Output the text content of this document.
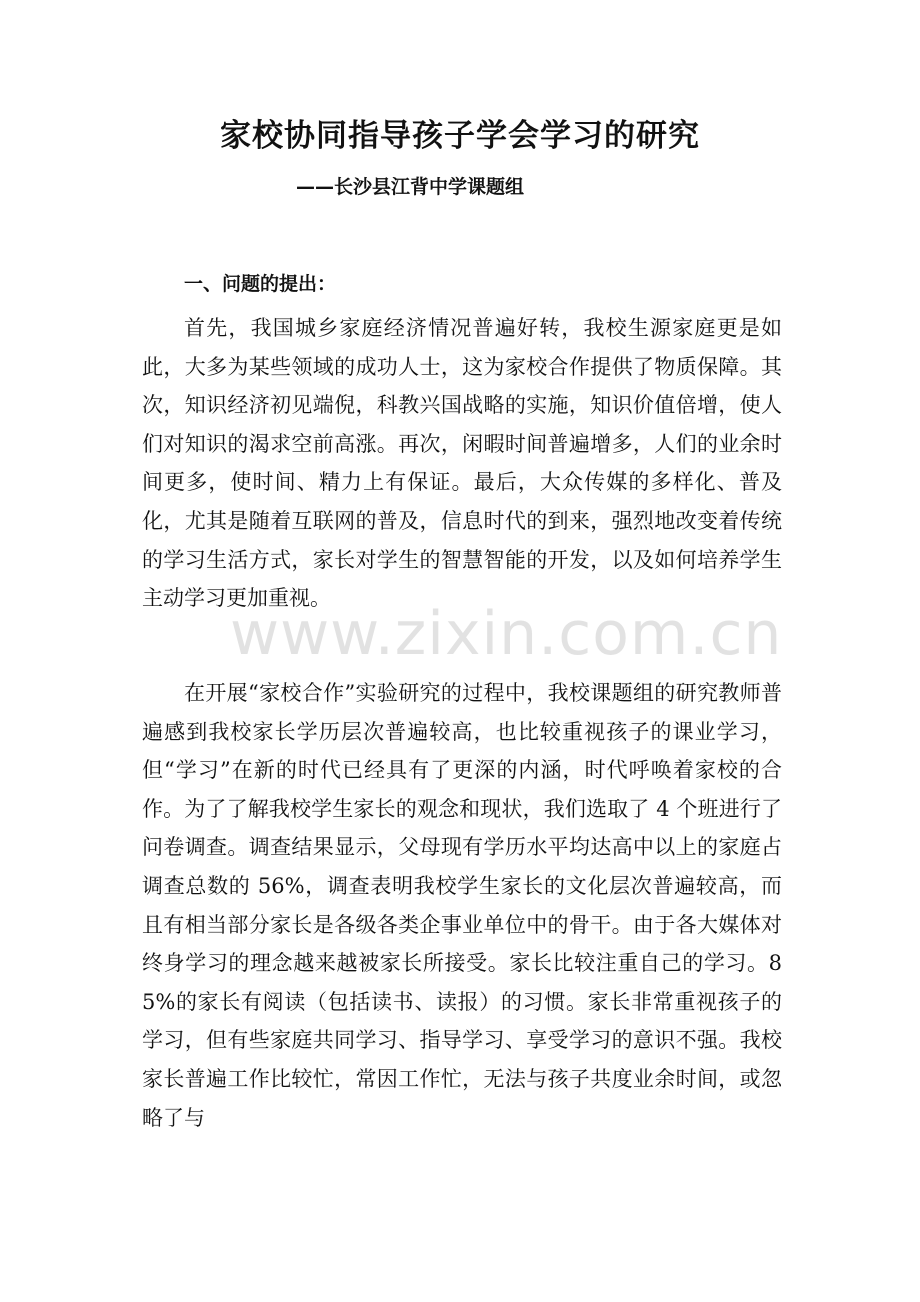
家校协同指导孩子学会学习的研究
——长沙县江背中学课题组
一、问题的提出：

首先，我国城乡家庭经济情况普遍好转，我校生源家庭更是如此，大多为某些领域的成功人士，这为家校合作提供了物质保障。其次，知识经济初见端倪，科教兴国战略的实施，知识价值倍增，使人们对知识的渴求空前高涨。再次，闲暇时间普遍增多，人们的业余时间更多，使时间、精力上有保证。最后，大众传媒的多样化、普及化，尤其是随着互联网的普及，信息时代的到来，强烈地改变着传统的学习生活方式，家长对学生的智慧智能的开发，以及如何培养学生主动学习更加重视。

在开展“家校合作”实验研究的过程中，我校课题组的研究教师普遍感到我校家长学历层次普遍较高，也比较重视孩子的课业学习，但“学习”在新的时代已经具有了更深的内涵，时代呼唤着家校的合作。为了了解我校学生家长的观念和现状，我们选取了 4 个班进行了问卷调查。调查结果显示，父母现有学历水平均达高中以上的家庭占调查总数的 56%，调查表明我校学生家长的文化层次普遍较高，而且有相当部分家长是各级各类企事业单位中的骨干。由于各大媒体对终身学习的理念越来越被家长所接受。家长比较注重自己的学习。85%的家长有阅读（包括读书、读报）的习惯。家长非常重视孩子的学习，但有些家庭共同学习、指导学习、享受学习的意识不强。我校家长普遍工作比较忙，常因工作忙，无法与孩子共度业余时间，或忽略了与

www.zixin.com.cn
